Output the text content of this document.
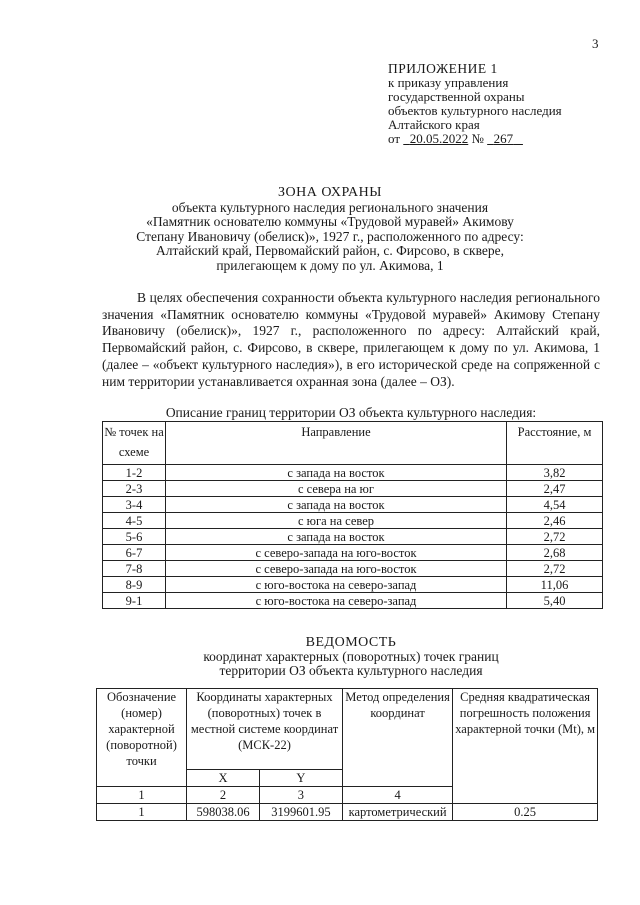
3
ПРИЛОЖЕНИЕ 1
к приказу управления
государственной охраны
объектов культурного наследия
Алтайского края
от 20.05.2022 № 267
ЗОНА ОХРАНЫ
объекта культурного наследия регионального значения
«Памятник основателю коммуны «Трудовой муравей» Акимову
Степану Ивановичу (обелиск)», 1927 г., расположенного по адресу:
Алтайский край, Первомайский район, с. Фирсово, в сквере,
прилегающем к дому по ул. Акимова, 1

В целях обеспечения сохранности объекта культурного наследия регионального значения «Памятник основателю коммуны «Трудовой муравей» Акимову Степану Ивановичу (обелиск)», 1927 г., расположенного по адресу: Алтайский край, Первомайский район, с. Фирсово, в сквере, прилегающем к дому по ул. Акимова, 1 (далее – «объект культурного наследия»), в его исторической среде на сопряженной с ним территории устанавливается охранная зона (далее – ОЗ).

Описание границ территории ОЗ объекта культурного наследия:
№ точек на схеме	Направление	Расстояние, м
1-2	с запада на восток	3,82
2-3	с севера на юг	2,47
3-4	с запада на восток	4,54
4-5	с юга на север	2,46
5-6	с запада на восток	2,72
6-7	с северо-запада на юго-восток	2,68
7-8	с северо-запада на юго-восток	2,72
8-9	с юго-востока на северо-запад	11,06
9-1	с юго-востока на северо-запад	5,40
ВЕДОМОСТЬ
координат характерных (поворотных) точек границ
территории ОЗ объекта культурного наследия
Обозначение (номер) характерной (поворотной) точки	Координаты характерных (поворотных) точек в местной системе координат (МСК-22)		Метод определения координат	Средняя квадратическая погрешность положения характерной точки (Mt), м
	X	Y		
1	2	3	4	
1	598038.06	3199601.95	картометрический	0.25
